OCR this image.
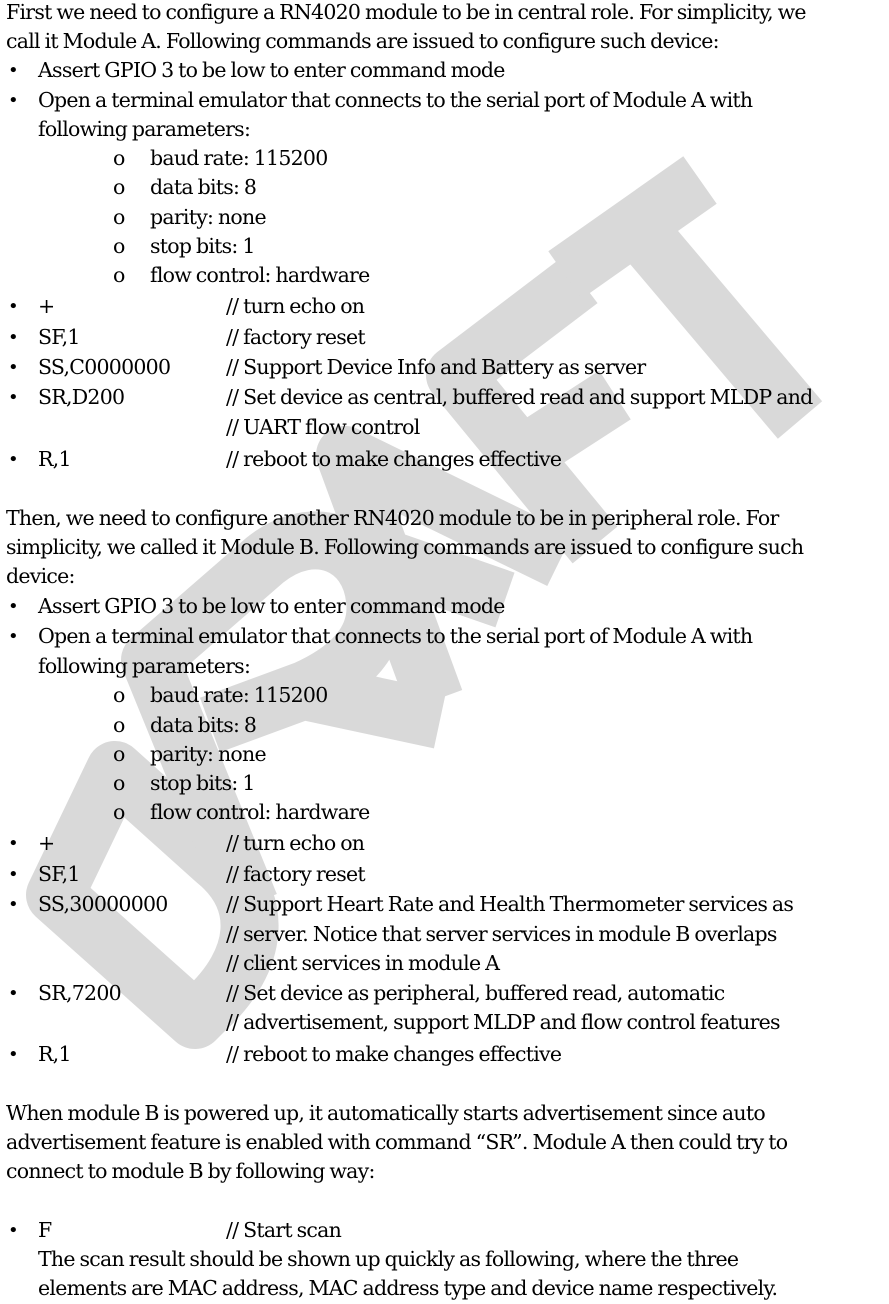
First we need to configure a RN4020 module to be in central role. For simplicity, we
call it Module A. Following commands are issued to configure such device:
• Assert GPIO 3 to be low to enter command mode
• Open a terminal emulator that connects to the serial port of Module A with
following parameters:
o baud rate: 115200
o data bits: 8
o parity: none
o stop bits: 1
o flow control: hardware
• +	// turn echo on
• SF,1	// factory reset
• SS,C0000000	// Support Device Info and Battery as server
• SR,D200	// Set device as central, buffered read and support MLDP and
// UART flow control
• R,1	// reboot to make changes effective
Then, we need to configure another RN4020 module to be in peripheral role. For
simplicity, we called it Module B. Following commands are issued to configure such
device:
• Assert GPIO 3 to be low to enter command mode
• Open a terminal emulator that connects to the serial port of Module A with
following parameters:
o baud rate: 115200
o data bits: 8
o parity: none
o stop bits: 1
o flow control: hardware
• +	// turn echo on
• SF,1	// factory reset
• SS,30000000	// Support Heart Rate and Health Thermometer services as
// server. Notice that server services in module B overlaps
// client services in module A
• SR,7200	// Set device as peripheral, buffered read, automatic
// advertisement, support MLDP and flow control features
• R,1	// reboot to make changes effective
When module B is powered up, it automatically starts advertisement since auto
advertisement feature is enabled with command “SR”. Module A then could try to
connect to module B by following way:
• F	// Start scan
The scan result should be shown up quickly as following, where the three
elements are MAC address, MAC address type and device name respectively.
